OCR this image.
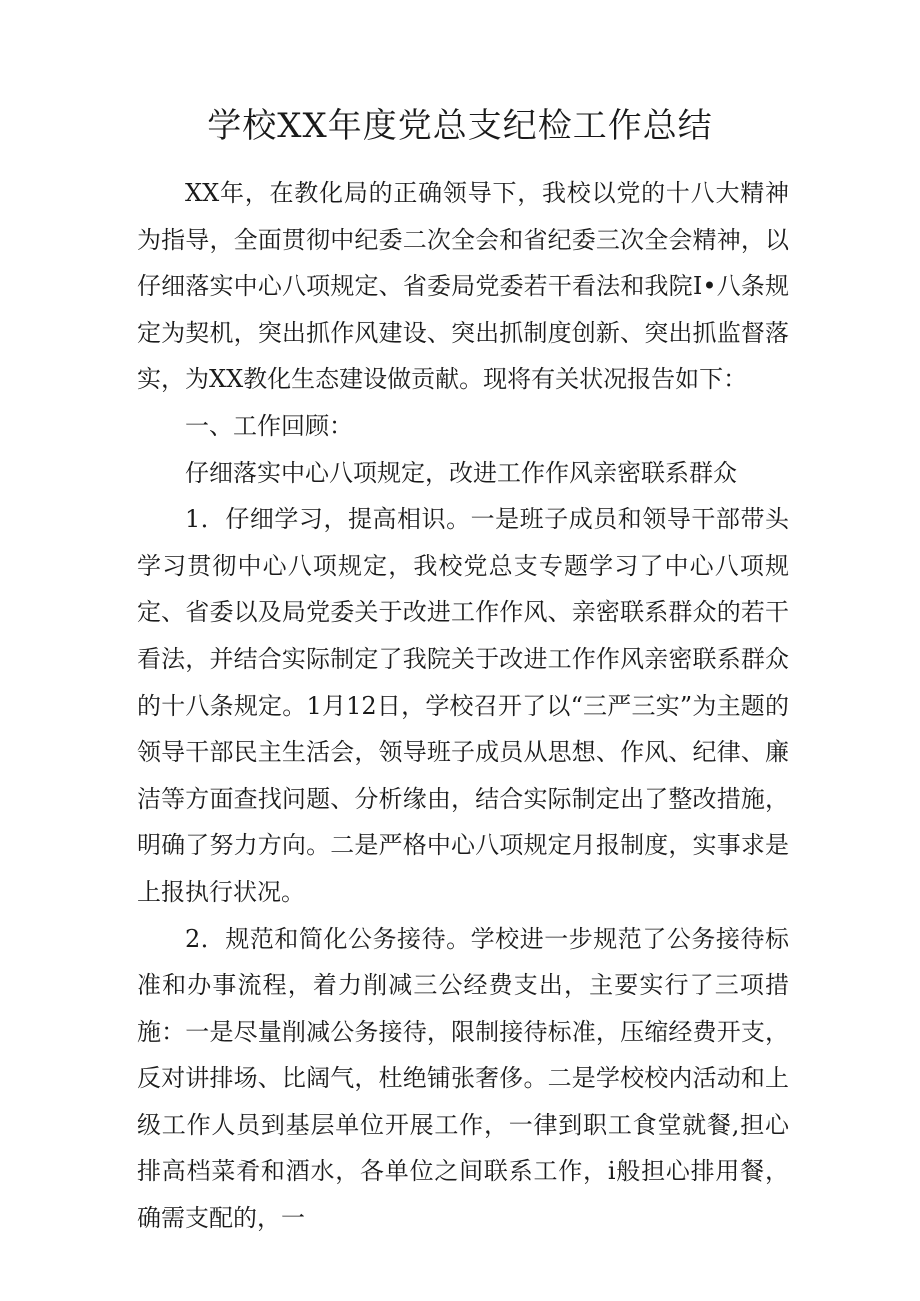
学校XX年度党总支纪检工作总结

XX年，在教化局的正确领导下，我校以党的十八大精神为指导，全面贯彻中纪委二次全会和省纪委三次全会精神，以仔细落实中心八项规定、省委局党委若干看法和我院I•八条规定为契机，突出抓作风建设、突出抓制度创新、突出抓监督落实，为XX教化生态建设做贡献。现将有关状况报告如下：

一、工作回顾：

仔细落实中心八项规定，改进工作作风亲密联系群众

1．仔细学习，提高相识。一是班子成员和领导干部带头学习贯彻中心八项规定，我校党总支专题学习了中心八项规定、省委以及局党委关于改进工作作风、亲密联系群众的若干看法，并结合实际制定了我院关于改进工作作风亲密联系群众的十八条规定。1月12日，学校召开了以“三严三实”为主题的领导干部民主生活会，领导班子成员从思想、作风、纪律、廉洁等方面查找问题、分析缘由，结合实际制定出了整改措施，明确了努力方向。二是严格中心八项规定月报制度，实事求是上报执行状况。

2．规范和简化公务接待。学校进一步规范了公务接待标准和办事流程，着力削减三公经费支出，主要实行了三项措施：一是尽量削减公务接待，限制接待标准，压缩经费开支，反对讲排场、比阔气，杜绝铺张奢侈。二是学校校内活动和上级工作人员到基层单位开展工作，一律到职工食堂就餐,担心排高档菜肴和酒水，各单位之间联系工作，i般担心排用餐，确需支配的，一
